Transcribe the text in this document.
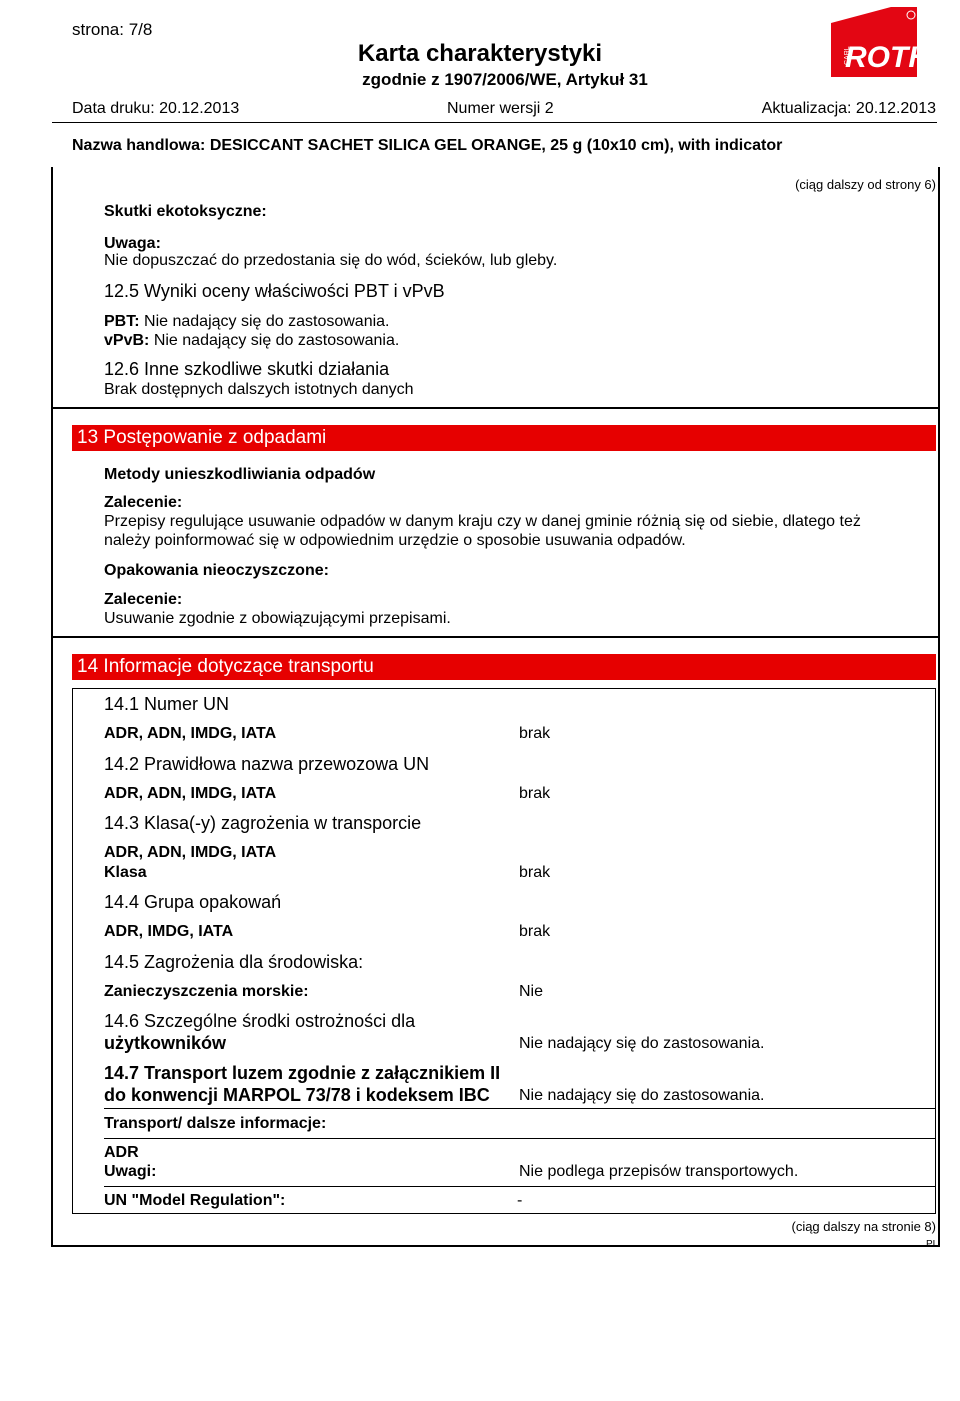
strona: 7/8
Karta charakterystyki
zgodnie z 1907/2006/WE, Artykuł 31
CARL
ROT
Data druku: 20.12.2013	Numer wersji 2	Aktualizacja: 20.12.2013
Nazwa handlowa: DESICCANT SACHET SILICA GEL ORANGE, 25 g (10x10 cm), with indicator
(ciąg dalszy od strony 6)
Skutki ekotoksyczne:
Uwaga:
Nie dopuszczać do przedostania się do wód, ścieków, lub gleby.
12.5 Wyniki oceny właściwości PBT i vPvB
PBT: Nie nadający się do zastosowania.
vPvB: Nie nadający się do zastosowania.
12.6 Inne szkodliwe skutki działania
Brak dostępnych dalszych istotnych danych
13 Postępowanie z odpadami
Metody unieszkodliwiania odpadów
Zalecenie:
Przepisy regulujące usuwanie odpadów w danym kraju czy w danej gminie różnią się od siebie, dlatego też
należy poinformować się w odpowiednim urzędzie o sposobie usuwania odpadów.
Opakowania nieoczyszczone:
Zalecenie:
Usuwanie zgodnie z obowiązującymi przepisami.
14 Informacje dotyczące transportu
14.1 Numer UN
ADR, ADN, IMDG, IATA	brak
14.2 Prawidłowa nazwa przewozowa UN
ADR, ADN, IMDG, IATA	brak
14.3 Klasa(-y) zagrożenia w transporcie
ADR, ADN, IMDG, IATA
Klasa	brak
14.4 Grupa opakowań
ADR, IMDG, IATA	brak
14.5 Zagrożenia dla środowiska:
Zanieczyszczenia morskie:	Nie
14.6 Szczególne środki ostrożności dla
użytkowników	Nie nadający się do zastosowania.
14.7 Transport luzem zgodnie z załącznikiem II
do konwencji MARPOL 73/78 i kodeksem IBC Nie nadający się do zastosowania.
Transport/ dalsze informacje:
ADR
Uwagi:	Nie podlega przepisów transportowych.
UN "Model Regulation":	-
(ciąg dalszy na stronie 8)
PL
